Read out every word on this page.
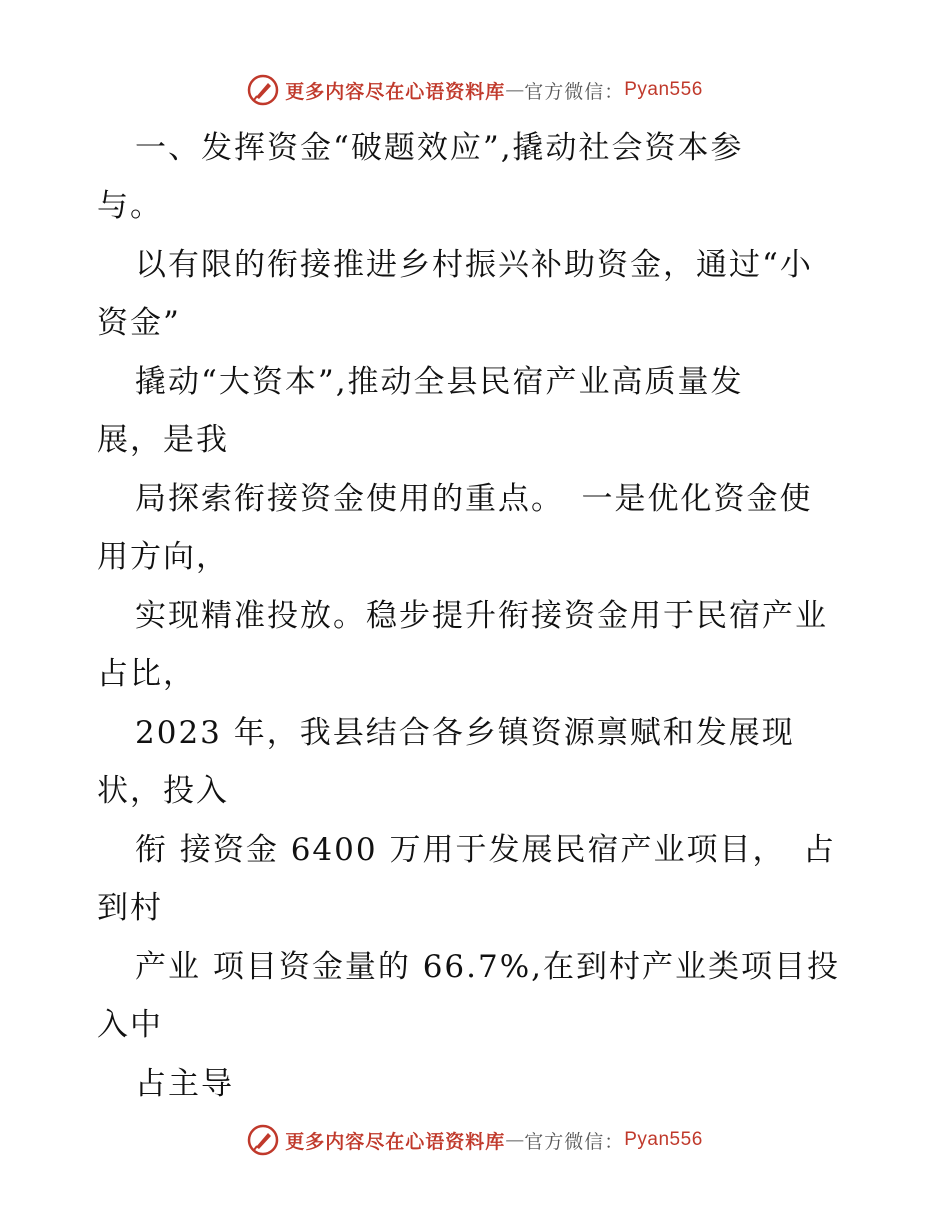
更多内容尽在心语资料库 — 官方微信： Pyan556
一、发挥资金“破题效应”,撬动社会资本参
与。
以有限的衔接推进乡村振兴补助资金，通过“小
资金”
撬动“大资本”,推动全县民宿产业高质量发
展，是我
局探索衔接资金使用的重点。　一是优化资金使
用方向，
实现精准投放。稳步提升衔接资金用于民宿产业
占比，
2023 年，我县结合各乡镇资源禀赋和发展现
状，投入
衔 接资金 6400 万用于发展民宿产业项目，　占
到村
产业 项目资金量的 66.7%,在到村产业类项目投
入中
占主导
更多内容尽在心语资料库 — 官方微信： Pyan556
